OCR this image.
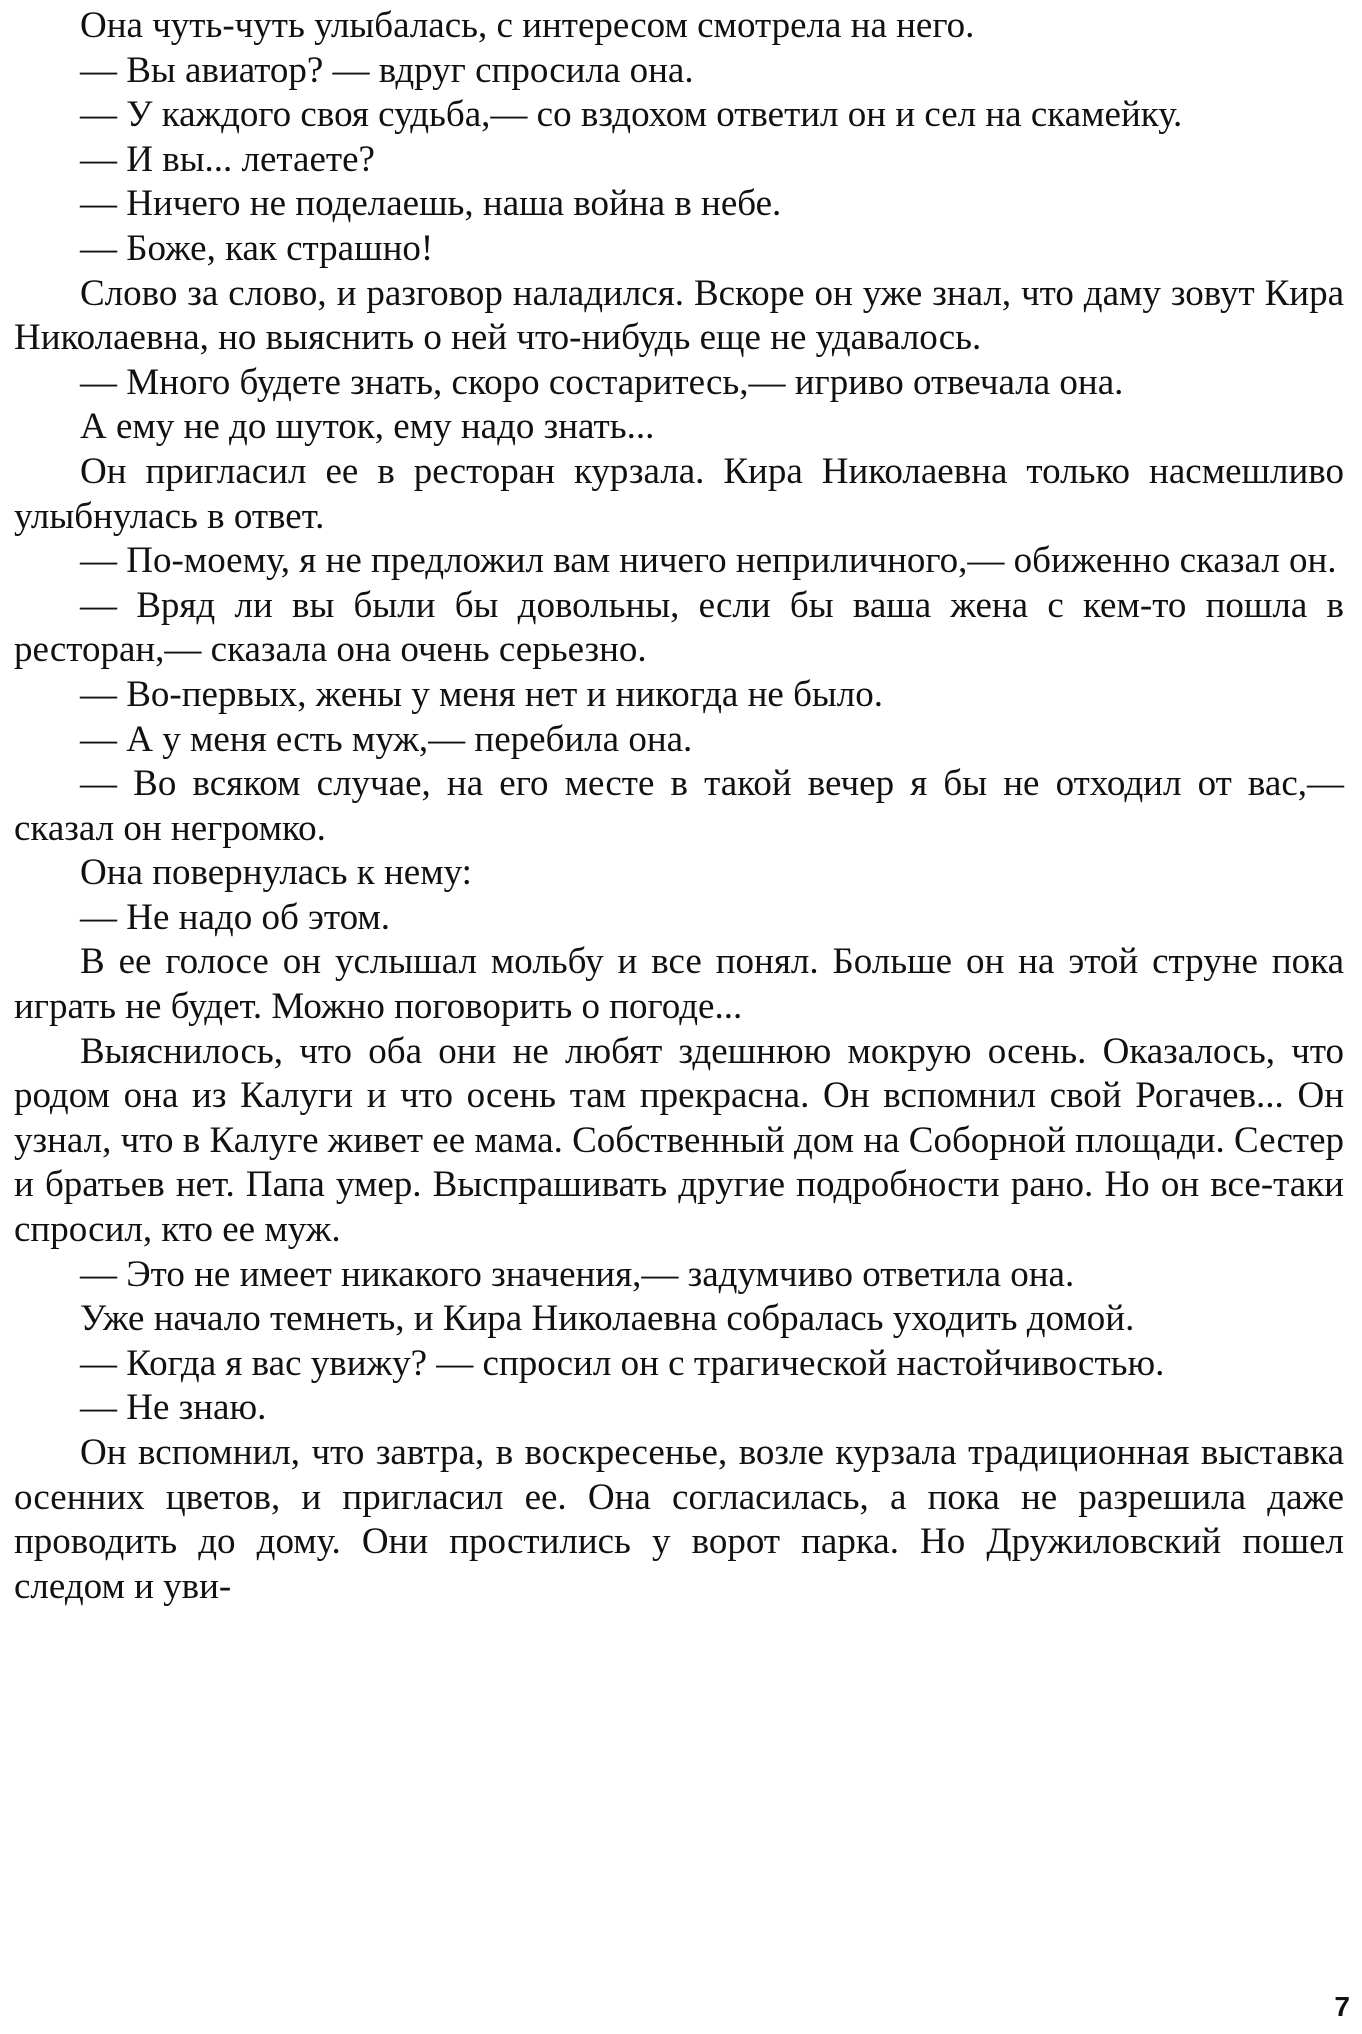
Она чуть-чуть улыбалась, с интересом смотрела на него.

— Вы авиатор? — вдруг спросила она.

— У каждого своя судьба,— со вздохом ответил он и сел на скамейку.

— И вы... летаете?

— Ничего не поделаешь, наша война в небе.

— Боже, как страшно!

Слово за слово, и разговор наладился. Вскоре он уже знал, что даму зовут Кира Николаевна, но выяснить о ней что-нибудь еще не удавалось.

— Много будете знать, скоро состаритесь,— игриво отвечала она.

А ему не до шуток, ему надо знать...

Он пригласил ее в ресторан курзала. Кира Николаевна только насмешливо улыбнулась в ответ.

— По-моему, я не предложил вам ничего неприличного,— обиженно сказал он.

— Вряд ли вы были бы довольны, если бы ваша жена с кем-то пошла в ресторан,— сказала она очень серьезно.

— Во-первых, жены у меня нет и никогда не было.

— А у меня есть муж,— перебила она.

— Во всяком случае, на его месте в такой вечер я бы не отходил от вас,— сказал он негромко.

Она повернулась к нему:

— Не надо об этом.

В ее голосе он услышал мольбу и все понял. Больше он на этой струне пока играть не будет. Можно поговорить о погоде...

Выяснилось, что оба они не любят здешнюю мокрую осень. Оказалось, что родом она из Калуги и что осень там прекрасна. Он вспомнил свой Рогачев... Он узнал, что в Калуге живет ее мама. Собственный дом на Соборной площади. Сестер и братьев нет. Папа умер. Выспрашивать другие подробности рано. Но он все-таки спросил, кто ее муж.

— Это не имеет никакого значения,— задумчиво ответила она.

Уже начало темнеть, и Кира Николаевна собралась уходить домой.

— Когда я вас увижу? — спросил он с трагической настойчивостью.

— Не знаю.

Он вспомнил, что завтра, в воскресенье, возле курзала традиционная выставка осенних цветов, и пригласил ее. Она согласилась, а пока не разрешила даже проводить до дому. Они простились у ворот парка. Но Дружиловский пошел следом и уви-

7
